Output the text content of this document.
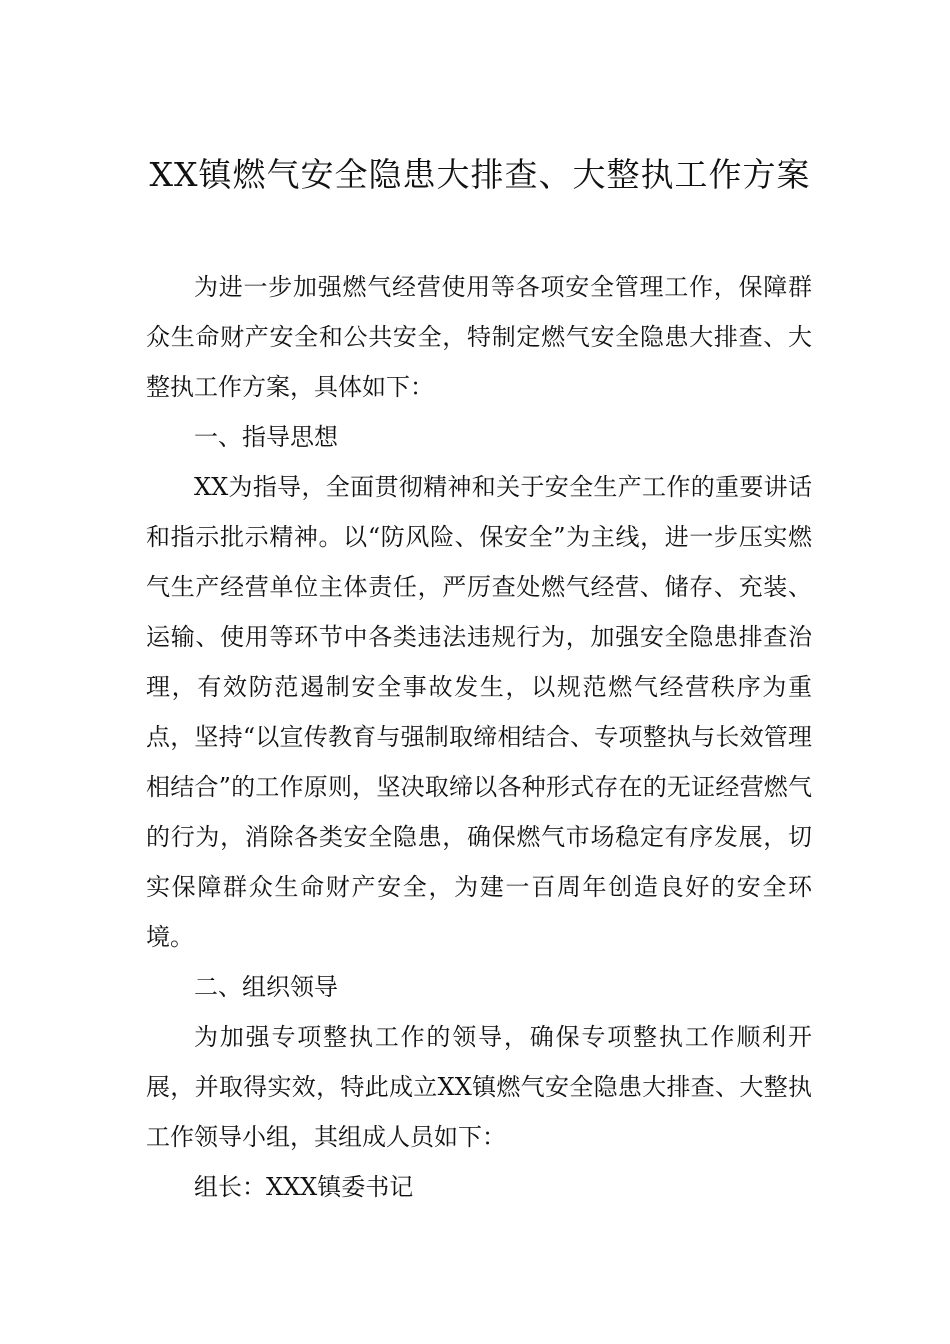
XX镇燃气安全隐患大排查、大整执工作方案

为进一步加强燃气经营使用等各项安全管理工作，保障群众生命财产安全和公共安全，特制定燃气安全隐患大排查、大整执工作方案，具体如下：

一、指导思想

XX为指导，全面贯彻精神和关于安全生产工作的重要讲话和指示批示精神。以“防风险、保安全”为主线，进一步压实燃气生产经营单位主体责任，严厉查处燃气经营、储存、充装、运输、使用等环节中各类违法违规行为，加强安全隐患排查治理，有效防范遏制安全事故发生，以规范燃气经营秩序为重点，坚持“以宣传教育与强制取缔相结合、专项整执与长效管理相结合”的工作原则，坚决取缔以各种形式存在的无证经营燃气的行为，消除各类安全隐患，确保燃气市场稳定有序发展，切实保障群众生命财产安全，为建一百周年创造良好的安全环境。

二、组织领导

为加强专项整执工作的领导，确保专项整执工作顺利开展，并取得实效，特此成立XX镇燃气安全隐患大排查、大整执工作领导小组，其组成人员如下：

组长：XXX镇委书记
